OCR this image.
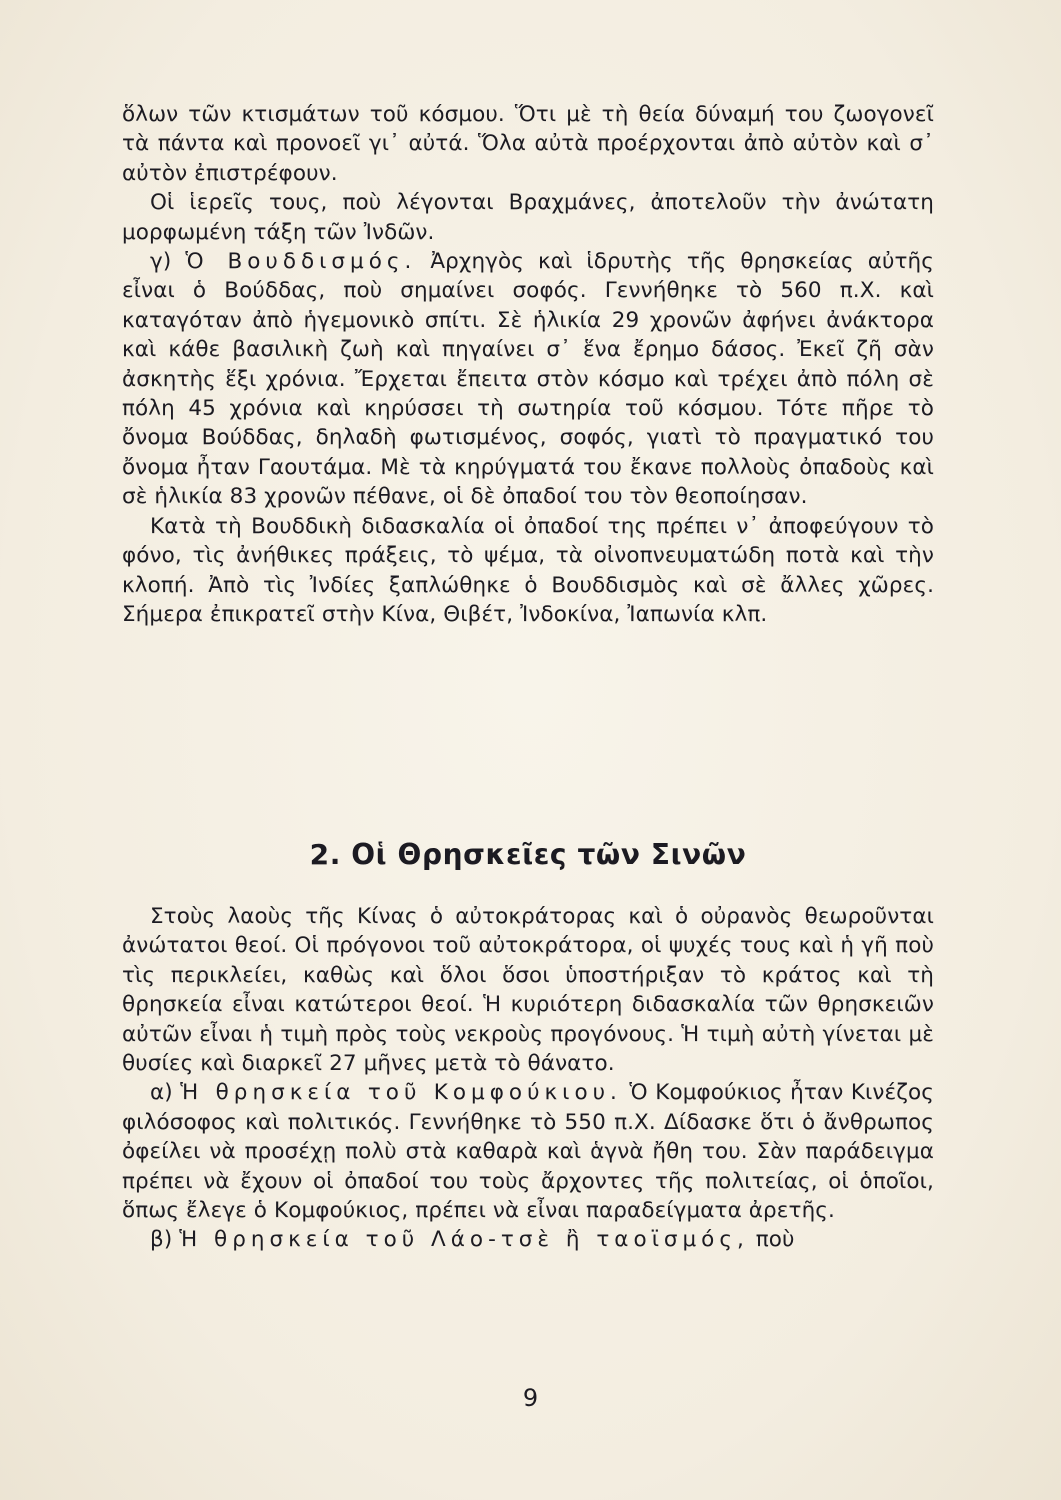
ὅλων τῶν κτισμάτων τοῦ κόσμου. Ὅτι μὲ τὴ θεία δύναμή του ζωογονεῖ τὰ πάντα καὶ προνοεῖ γι᾽ αὐτά. Ὅλα αὐτὰ προέρχονται ἀπὸ αὐτὸν καὶ σ᾽ αὐτὸν ἐπιστρέφουν.

Οἱ ἱερεῖς τους, ποὺ λέγονται Βραχμάνες, ἀποτελοῦν τὴν ἀνώτατη μορφωμένη τάξη τῶν Ἰνδῶν.

γ) Ὁ Βουδδισμός. Ἀρχηγὸς καὶ ἱδρυτὴς τῆς θρησκείας αὐτῆς εἶναι ὁ Βούδδας, ποὺ σημαίνει σοφός. Γεννήθηκε τὸ 560 π.Χ. καὶ καταγόταν ἀπὸ ἡγεμονικὸ σπίτι. Σὲ ἡλικία 29 χρονῶν ἀφήνει ἀνάκτορα καὶ κάθε βασιλικὴ ζωὴ καὶ πηγαίνει σ᾽ ἕνα ἔρημο δάσος. Ἐκεῖ ζῆ σὰν ἀσκητὴς ἕξι χρόνια. Ἔρχεται ἔπειτα στὸν κόσμο καὶ τρέχει ἀπὸ πόλη σὲ πόλη 45 χρόνια καὶ κηρύσσει τὴ σωτηρία τοῦ κόσμου. Τότε πῆρε τὸ ὄνομα Βούδδας, δηλαδὴ φωτισμένος, σοφός, γιατὶ τὸ πραγματικό του ὄνομα ἦταν Γαουτάμα. Μὲ τὰ κηρύγματά του ἔκανε πολλοὺς ὀπαδοὺς καὶ σὲ ἡλικία 83 χρονῶν πέθανε, οἱ δὲ ὀπαδοί του τὸν θεοποίησαν.

Κατὰ τὴ Βουδδικὴ διδασκαλία οἱ ὀπαδοί της πρέπει ν᾽ ἀποφεύγουν τὸ φόνο, τὶς ἀνήθικες πράξεις, τὸ ψέμα, τὰ οἰνοπνευματώδη ποτὰ καὶ τὴν κλοπή. Ἀπὸ τὶς Ἰνδίες ξαπλώθηκε ὁ Βουδδισμὸς καὶ σὲ ἄλλες χῶρες. Σήμερα ἐπικρατεῖ στὴν Κίνα, Θιβέτ, Ἰνδοκίνα, Ἰαπωνία κλπ.

2. Οἱ Θρησκεῖες τῶν Σινῶν

Στοὺς λαοὺς τῆς Κίνας ὁ αὐτοκράτορας καὶ ὁ οὐρανὸς θεωροῦνται ἀνώτατοι θεοί. Οἱ πρόγονοι τοῦ αὐτοκράτορα, οἱ ψυχές τους καὶ ἡ γῆ ποὺ τὶς περικλείει, καθὼς καὶ ὅλοι ὅσοι ὑποστήριξαν τὸ κράτος καὶ τὴ θρησκεία εἶναι κατώτεροι θεοί. Ἡ κυριότερη διδασκαλία τῶν θρησκειῶν αὐτῶν εἶναι ἡ τιμὴ πρὸς τοὺς νεκροὺς προγόνους. Ἡ τιμὴ αὐτὴ γίνεται μὲ θυσίες καὶ διαρκεῖ 27 μῆνες μετὰ τὸ θάνατο.

α) Ἡ θρησκεία τοῦ Κομφούκιου. Ὁ Κομφούκιος ἦταν Κινέζος φιλόσοφος καὶ πολιτικός. Γεννήθηκε τὸ 550 π.Χ. Δίδασκε ὅτι ὁ ἄνθρωπος ὀφείλει νὰ προσέχῃ πολὺ στὰ καθαρὰ καὶ ἁγνὰ ἤθη του. Σὰν παράδειγμα πρέπει νὰ ἔχουν οἱ ὀπαδοί του τοὺς ἄρχοντες τῆς πολιτείας, οἱ ὁποῖοι, ὅπως ἔλεγε ὁ Κομφούκιος, πρέπει νὰ εἶναι παραδείγματα ἀρετῆς.

β) Ἡ θρησκεία τοῦ Λάο-τσὲ ἢ ταοϊσμός, ποὺ

9
